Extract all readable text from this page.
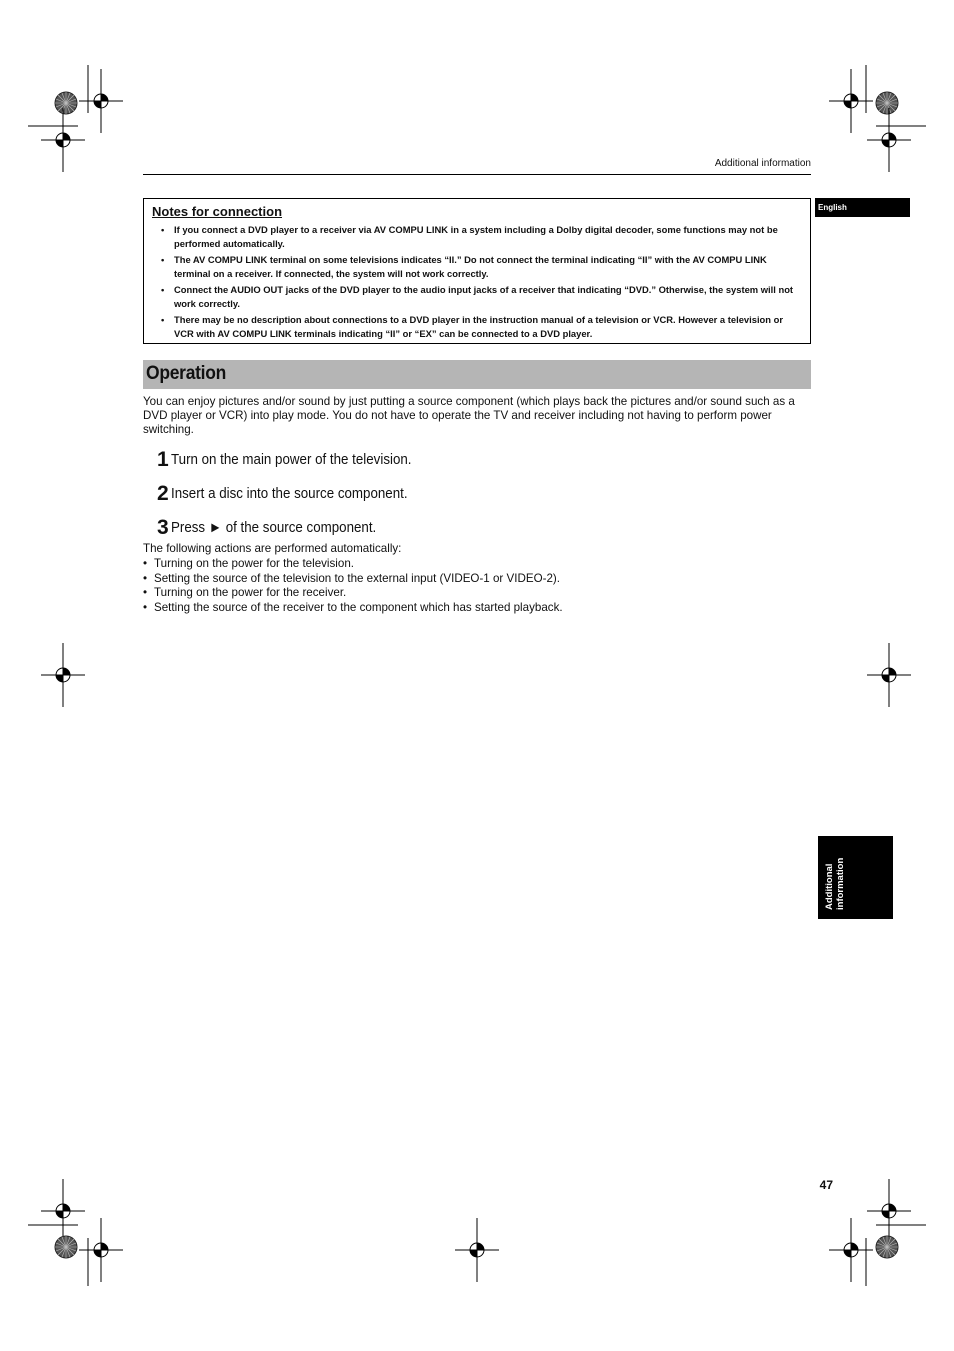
Additional information
English
Notes for connection
• If you connect a DVD player to a receiver via AV COMPU LINK in a system including a Dolby digital decoder, some functions may not be performed automatically.
• The AV COMPU LINK terminal on some televisions indicates “II.” Do not connect the terminal indicating “II” with the AV COMPU LINK terminal on a receiver. If connected, the system will not work correctly.
• Connect the AUDIO OUT jacks of the DVD player to the audio input jacks of a receiver that indicating “DVD.” Otherwise, the system will not work correctly.
• There may be no description about connections to a DVD player in the instruction manual of a television or VCR. However a television or VCR with AV COMPU LINK terminals indicating “II” or “EX” can be connected to a DVD player.
Operation

You can enjoy pictures and/or sound by just putting a source component (which plays back the pictures and/or sound such as a DVD player or VCR) into play mode. You do not have to operate the TV and receiver including not having to perform power switching.

1 Turn on the main power of the television.
2 Insert a disc into the source component.
3 Press ► of the source component.

The following actions are performed automatically:

• Turning on the power for the television.
• Setting the source of the television to the external input (VIDEO-1 or VIDEO-2).
• Turning on the power for the receiver.
• Setting the source of the receiver to the component which has started playback.
Additional information
47
